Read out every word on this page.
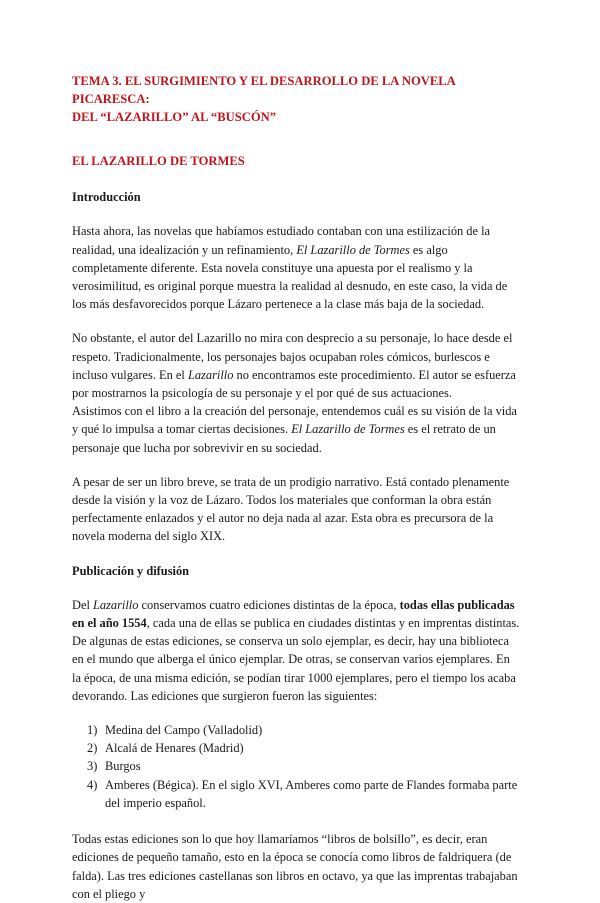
TEMA 3. EL SURGIMIENTO Y EL DESARROLLO DE LA NOVELA PICARESCA:
DEL “LAZARILLO” AL “BUSCÓN”
EL LAZARILLO DE TORMES
Introducción

Hasta ahora, las novelas que habíamos estudiado contaban con una estilización de la realidad, una idealización y un refinamiento, El Lazarillo de Tormes es algo completamente diferente. Esta novela constituye una apuesta por el realismo y la verosimilitud, es original porque muestra la realidad al desnudo, en este caso, la vida de los más desfavorecidos porque Lázaro pertenece a la clase más baja de la sociedad.

No obstante, el autor del Lazarillo no mira con desprecio a su personaje, lo hace desde el respeto. Tradicionalmente, los personajes bajos ocupaban roles cómicos, burlescos e incluso vulgares. En el Lazarillo no encontramos este procedimiento. El autor se esfuerza por mostrarnos la psicología de su personaje y el por qué de sus actuaciones.

Asistimos con el libro a la creación del personaje, entendemos cuál es su visión de la vida y qué lo impulsa a tomar ciertas decisiones. El Lazarillo de Tormes es el retrato de un personaje que lucha por sobrevivir en su sociedad.

A pesar de ser un libro breve, se trata de un prodigio narrativo. Está contado plenamente desde la visión y la voz de Lázaro. Todos los materiales que conforman la obra están perfectamente enlazados y el autor no deja nada al azar. Esta obra es precursora de la novela moderna del siglo XIX.

Publicación y difusión

Del Lazarillo conservamos cuatro ediciones distintas de la época, todas ellas publicadas en el año 1554, cada una de ellas se publica en ciudades distintas y en imprentas distintas. De algunas de estas ediciones, se conserva un solo ejemplar, es decir, hay una biblioteca en el mundo que alberga el único ejemplar. De otras, se conservan varios ejemplares. En la época, de una misma edición, se podían tirar 1000 ejemplares, pero el tiempo los acaba devorando. Las ediciones que surgieron fueron las siguientes:

1) Medina del Campo (Valladolid)
2) Alcalá de Henares (Madrid)
3) Burgos
4) Amberes (Bégica). En el siglo XVI, Amberes como parte de Flandes formaba parte del imperio español.

Todas estas ediciones son lo que hoy llamaríamos “libros de bolsillo”, es decir, eran ediciones de pequeño tamaño, esto en la época se conocía como libros de faldriquera (de falda). Las tres ediciones castellanas son libros en octavo, ya que las imprentas trabajaban con el pliego y
